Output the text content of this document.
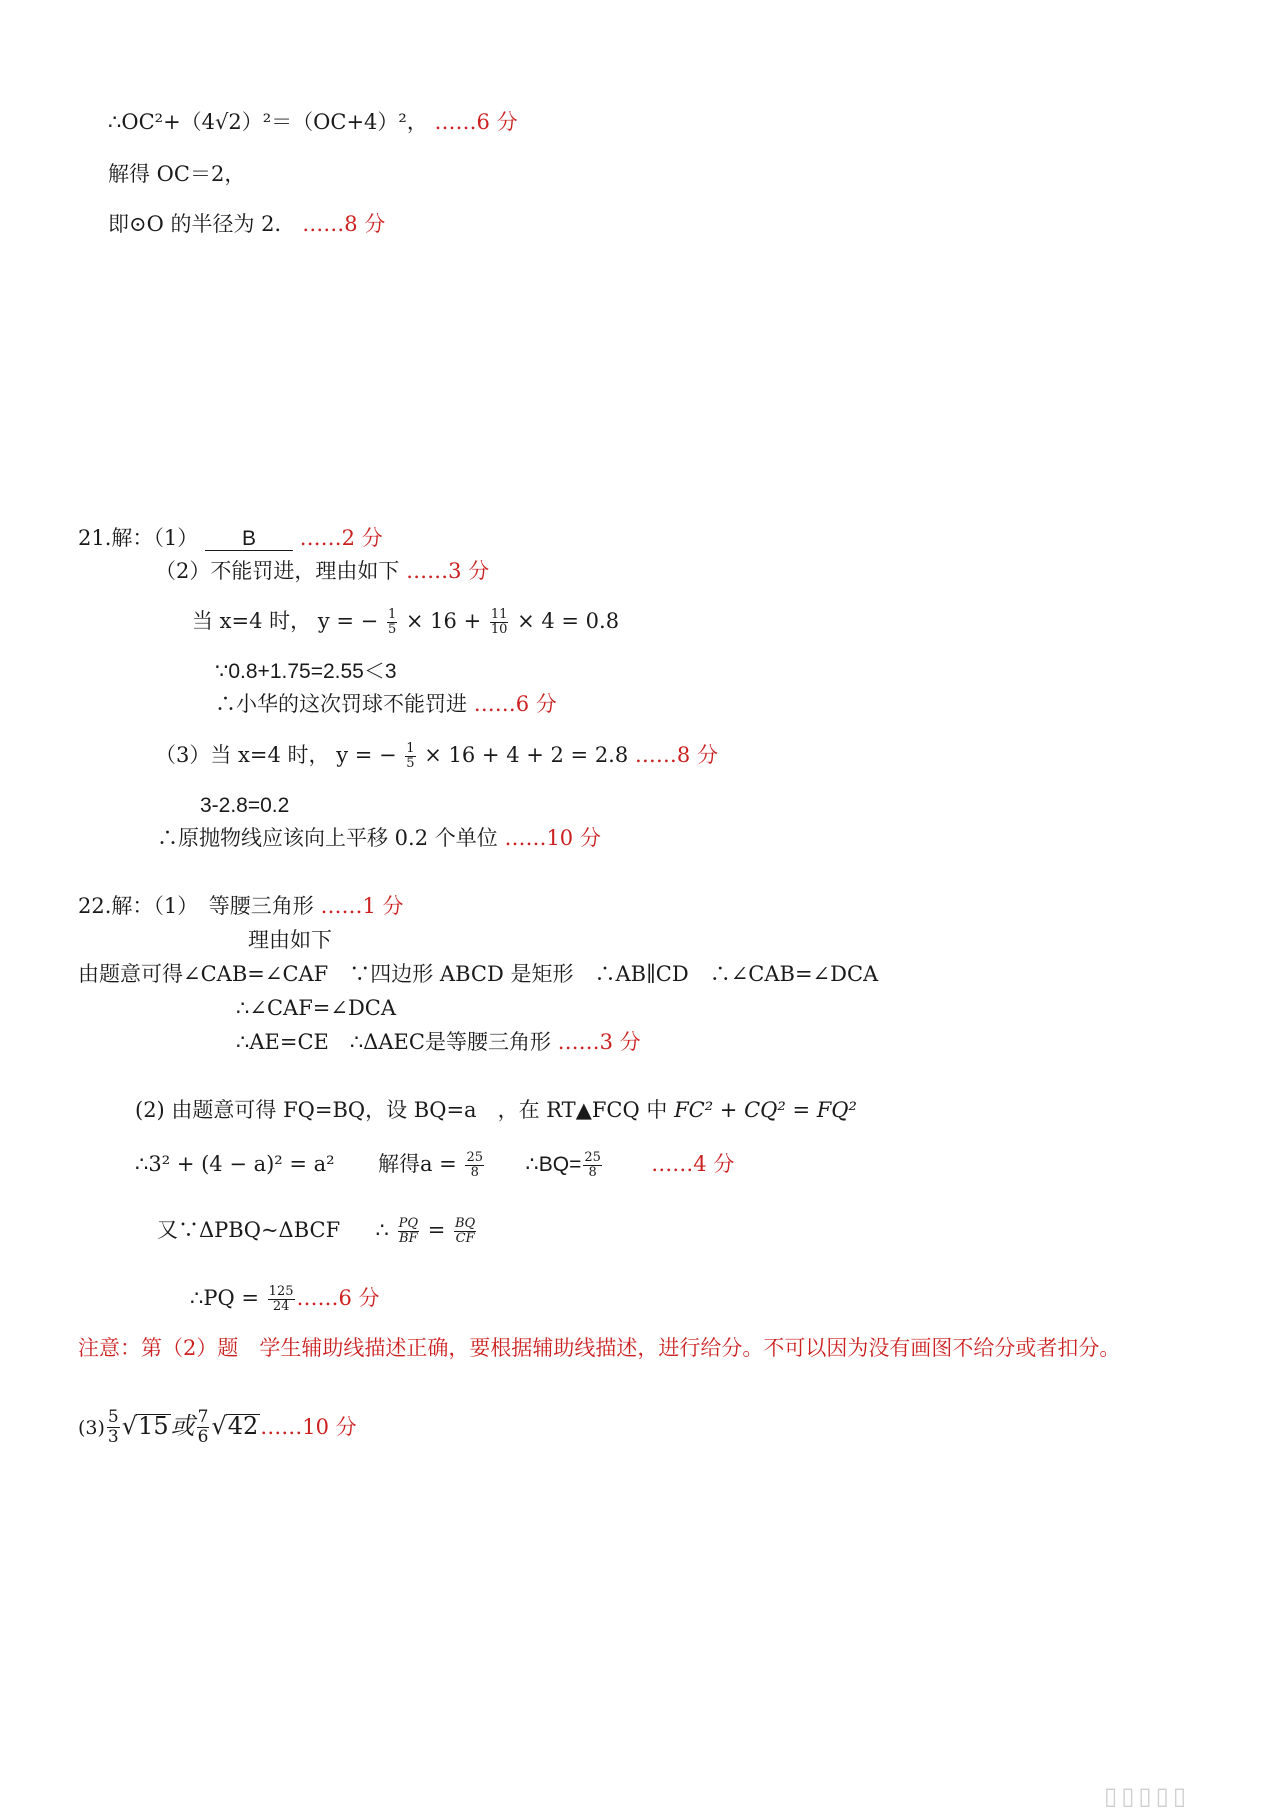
∴OC²+（4√2）²＝（OC+4）²， ……6 分
解得 OC＝2，
即⊙O 的半径为 2． ……8 分
21.解：（1） B ……2 分
（2）不能罚进，理由如下 ……3 分
当 x=4 时， y = − $\frac{1}{5} \times 16 + \frac{11}{10} \times 4 = 0.8$
∵0.8+1.75=2.55＜3
∴小华的这次罚球不能罚进 ……6 分
（3）当 x=4 时， y = − $\frac{1}{5} \times 16 + 4 + 2 = 2.8$ ……8 分
3-2.8=0.2
∴原抛物线应该向上平移 0.2 个单位 ……10 分
22.解：（1）　等腰三角形 ……1 分
理由如下
由题意可得∠CAB=∠CAF　∵四边形 ABCD 是矩形　∴AB∥CD　∴∠CAB=∠DCA
∴∠CAF=∠DCA
∴AE=CE　∴ΔAEC是等腰三角形 ……3 分
(2) 由题意可得 FQ=BQ，设 BQ=a　，在 RT▲FCQ 中 FC² + CQ² = FQ²
∴3² + (4 − a)² = a² 解得$a = \frac{25}{8}$ ∴BQ= $\frac{25}{8}$ ……4 分
又∵ΔPBQ~ΔBCF ∴ $\frac{PQ}{BF} = \frac{BQ}{CF}$
∴PQ = $\frac{125}{24}$ ……6 分
注意：第（2）题　学生辅助线描述正确，要根据辅助线描述，进行给分。不可以因为没有画图不给分或者扣分。
$(3) \frac{5}{3} √15$或 $\frac{7}{6}$ √42……10 分
▯▯▯▯▯
